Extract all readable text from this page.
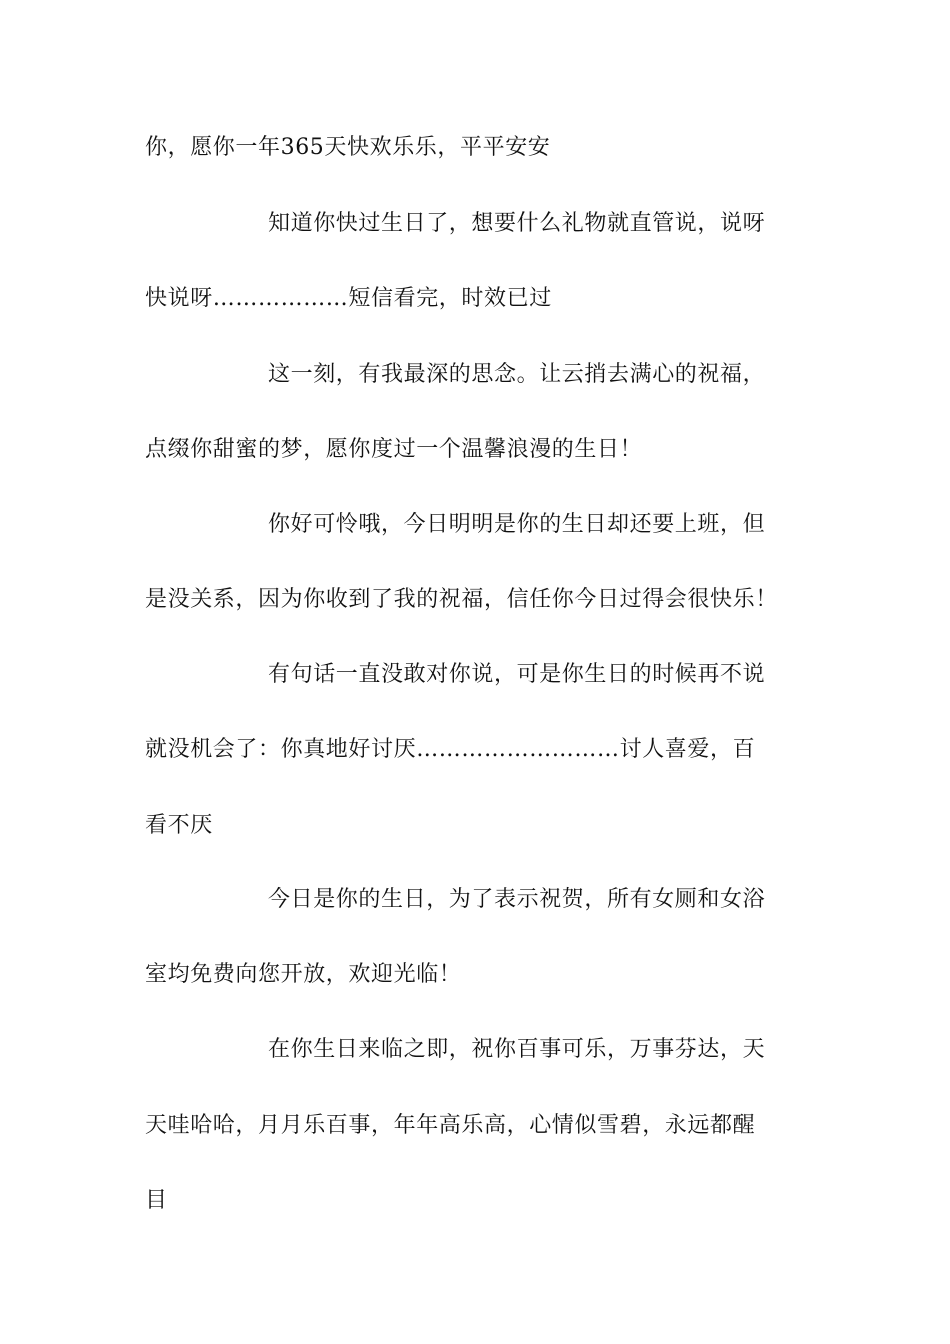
你，愿你一年365天快欢乐乐，平平安安
知道你快过生日了，想要什么礼物就直管说，说呀
快说呀………………短信看完，时效已过
这一刻，有我最深的思念。让云捎去满心的祝福，
点缀你甜蜜的梦，愿你度过一个温馨浪漫的生日！
你好可怜哦，今日明明是你的生日却还要上班，但
是没关系，因为你收到了我的祝福，信任你今日过得会很快乐！
有句话一直没敢对你说，可是你生日的时候再不说
就没机会了：你真地好讨厌………………………讨人喜爱，百
看不厌
今日是你的生日，为了表示祝贺，所有女厕和女浴
室均免费向您开放，欢迎光临！
在你生日来临之即，祝你百事可乐，万事芬达，天
天哇哈哈，月月乐百事，年年高乐高，心情似雪碧，永远都醒
目
